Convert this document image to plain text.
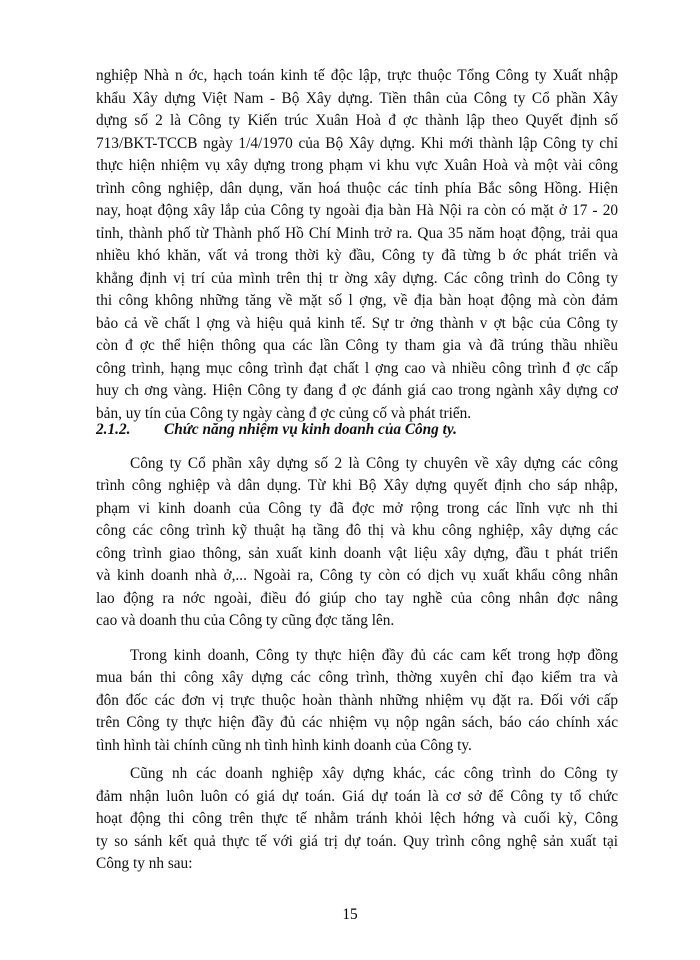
nghiệp Nhà n ớc, hạch toán kinh tế độc lập, trực thuộc Tổng Công ty Xuất nhập
khẩu Xây dựng Việt Nam - Bộ Xây dựng. Tiền thân của Công ty Cổ phần Xây
dựng số 2 là Công ty Kiến trúc Xuân Hoà đ ợc thành lập theo Quyết định số
713/BKT-TCCB ngày 1/4/1970 của Bộ Xây dựng. Khi mới thành lập Công ty chỉ
thực hiện nhiệm vụ xây dựng trong phạm vi khu vực Xuân Hoà và một vài công
trình công nghiệp, dân dụng, văn hoá thuộc các tỉnh phía Bắc sông Hồng. Hiện
nay, hoạt động xây lắp của Công ty ngoài địa bàn Hà Nội ra còn có mặt ở 17 - 20
tỉnh, thành phố từ Thành phố Hồ Chí Minh trở ra. Qua 35 năm hoạt động, trải qua
nhiều khó khăn, vất vả trong thời kỳ đầu, Công ty đã từng b ớc phát triển và
khẳng định vị trí của mình trên thị tr ờng xây dựng. Các công trình do Công ty
thi công không những tăng về mặt số l ợng, về địa bàn hoạt động mà còn đảm
bảo cả về chất l ợng và hiệu quả kinh tế. Sự tr ởng thành v ợt bậc của Công ty
còn đ ợc thể hiện thông qua các lần Công ty tham gia và đã trúng thầu nhiều
công trình, hạng mục công trình đạt chất l ợng cao và nhiều công trình đ ợc cấp
huy ch ơng vàng. Hiện Công ty đang đ ợc đánh giá cao trong ngành xây dựng cơ
bản, uy tín của Công ty ngày càng đ ợc củng cố và phát triển.
2.1.2. Chức năng nhiệm vụ kinh doanh của Công ty.
Công ty Cổ phần xây dựng số 2 là Công ty chuyên về xây dựng các công
trình công nghiệp và dân dụng. Từ khi Bộ Xây dựng quyết định cho sáp nhập,
phạm vi kinh doanh của Công ty đã đợc mở rộng trong các lĩnh vực nh thi
công các công trình kỹ thuật hạ tầng đô thị và khu công nghiệp, xây dựng các
công trình giao thông, sản xuất kinh doanh vật liệu xây dựng, đầu t phát triển
và kinh doanh nhà ở,... Ngoài ra, Công ty còn có dịch vụ xuất khẩu công nhân
lao động ra nớc ngoài, điều đó giúp cho tay nghề của công nhân đợc nâng
cao và doanh thu của Công ty cũng đợc tăng lên.
Trong kinh doanh, Công ty thực hiện đầy đủ các cam kết trong hợp đồng
mua bán thi công xây dựng các công trình, thờng xuyên chỉ đạo kiểm tra và
đôn đốc các đơn vị trực thuộc hoàn thành những nhiệm vụ đặt ra. Đối với cấp
trên Công ty thực hiện đầy đủ các nhiệm vụ nộp ngân sách, báo cáo chính xác
tình hình tài chính cũng nh tình hình kinh doanh của Công ty.
Cũng nh các doanh nghiệp xây dựng khác, các công trình do Công ty
đảm nhận luôn luôn có giá dự toán. Giá dự toán là cơ sở để Công ty tổ chức
hoạt động thi công trên thực tế nhằm tránh khỏi lệch hớng và cuối kỳ, Công
ty so sánh kết quả thực tế với giá trị dự toán. Quy trình công nghệ sản xuất tại
Công ty nh sau:
15
